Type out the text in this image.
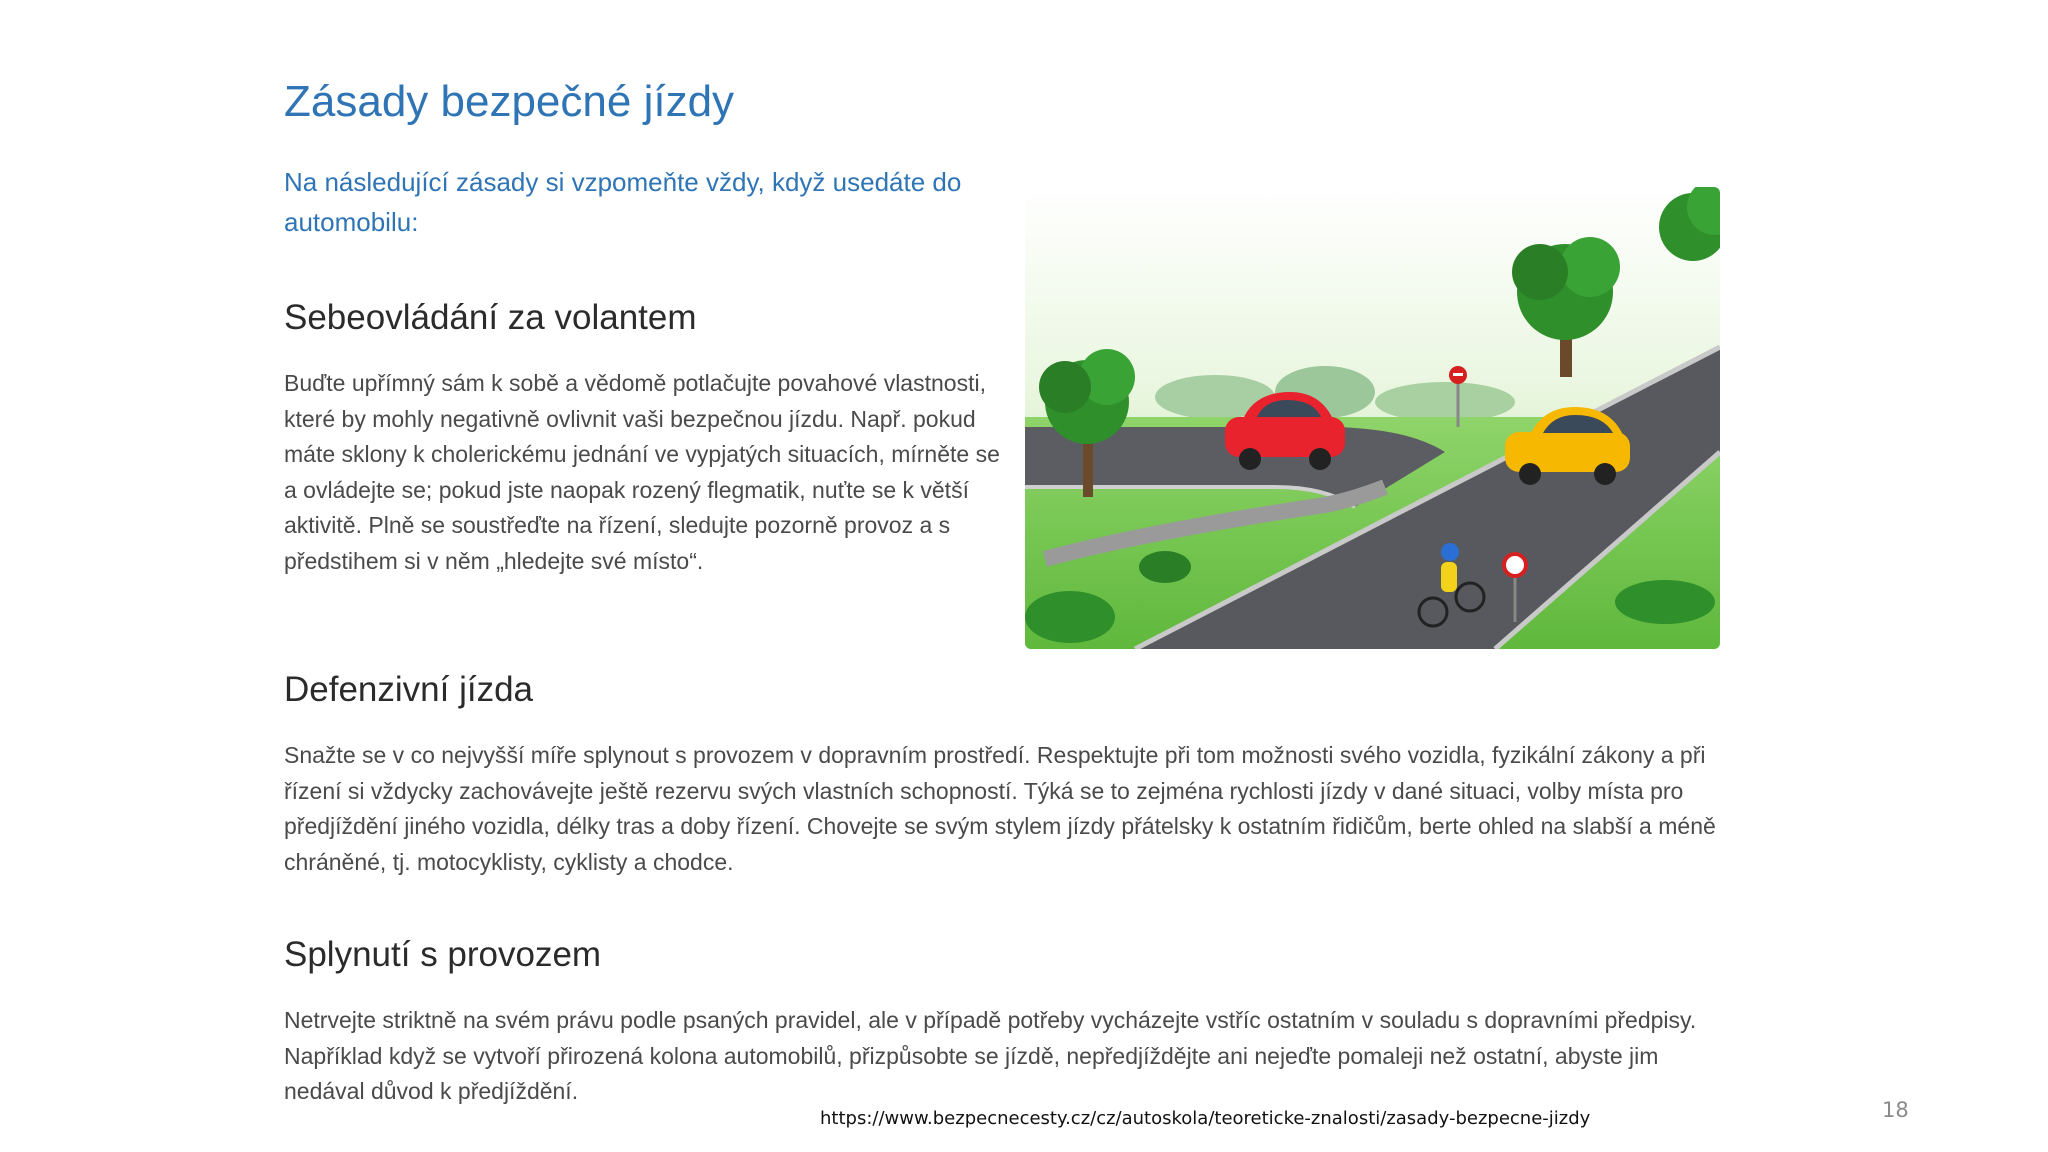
Zásady bezpečné jízdy

Na následující zásady si vzpomeňte vždy, když usedáte do automobilu:

Sebeovládání za volantem

Buďte upřímný sám k sobě a vědomě potlačujte povahové vlastnosti, které by mohly negativně ovlivnit vaši bezpečnou jízdu. Např. pokud máte sklony k cholerickému jednání ve vypjatých situacích, mírněte se a ovládejte se; pokud jste naopak rozený flegmatik, nuťte se k větší aktivitě. Plně se soustřeďte na řízení, sledujte pozorně provoz a s předstihem si v něm „hledejte své místo“.

Defenzivní jízda

Snažte se v co nejvyšší míře splynout s provozem v dopravním prostředí. Respektujte při tom možnosti svého vozidla, fyzikální zákony a při řízení si vždycky zachovávejte ještě rezervu svých vlastních schopností. Týká se to zejména rychlosti jízdy v dané situaci, volby místa pro předjíždění jiného vozidla, délky tras a doby řízení. Chovejte se svým stylem jízdy přátelsky k ostatním řidičům, berte ohled na slabší a méně chráněné, tj. motocyklisty, cyklisty a chodce.

Splynutí s provozem

Netrvejte striktně na svém právu podle psaných pravidel, ale v případě potřeby vycházejte vstříc ostatním v souladu s dopravními předpisy. Například když se vytvoří přirozená kolona automobilů, přizpůsobte se jízdě, nepředjíždějte ani nejeďte pomaleji než ostatní, abyste jim nedával důvod k předjíždění.

https://www.bezpecnecesty.cz/cz/autoskola/teoreticke-znalosti/zasady-bezpecne-jizdy	18
